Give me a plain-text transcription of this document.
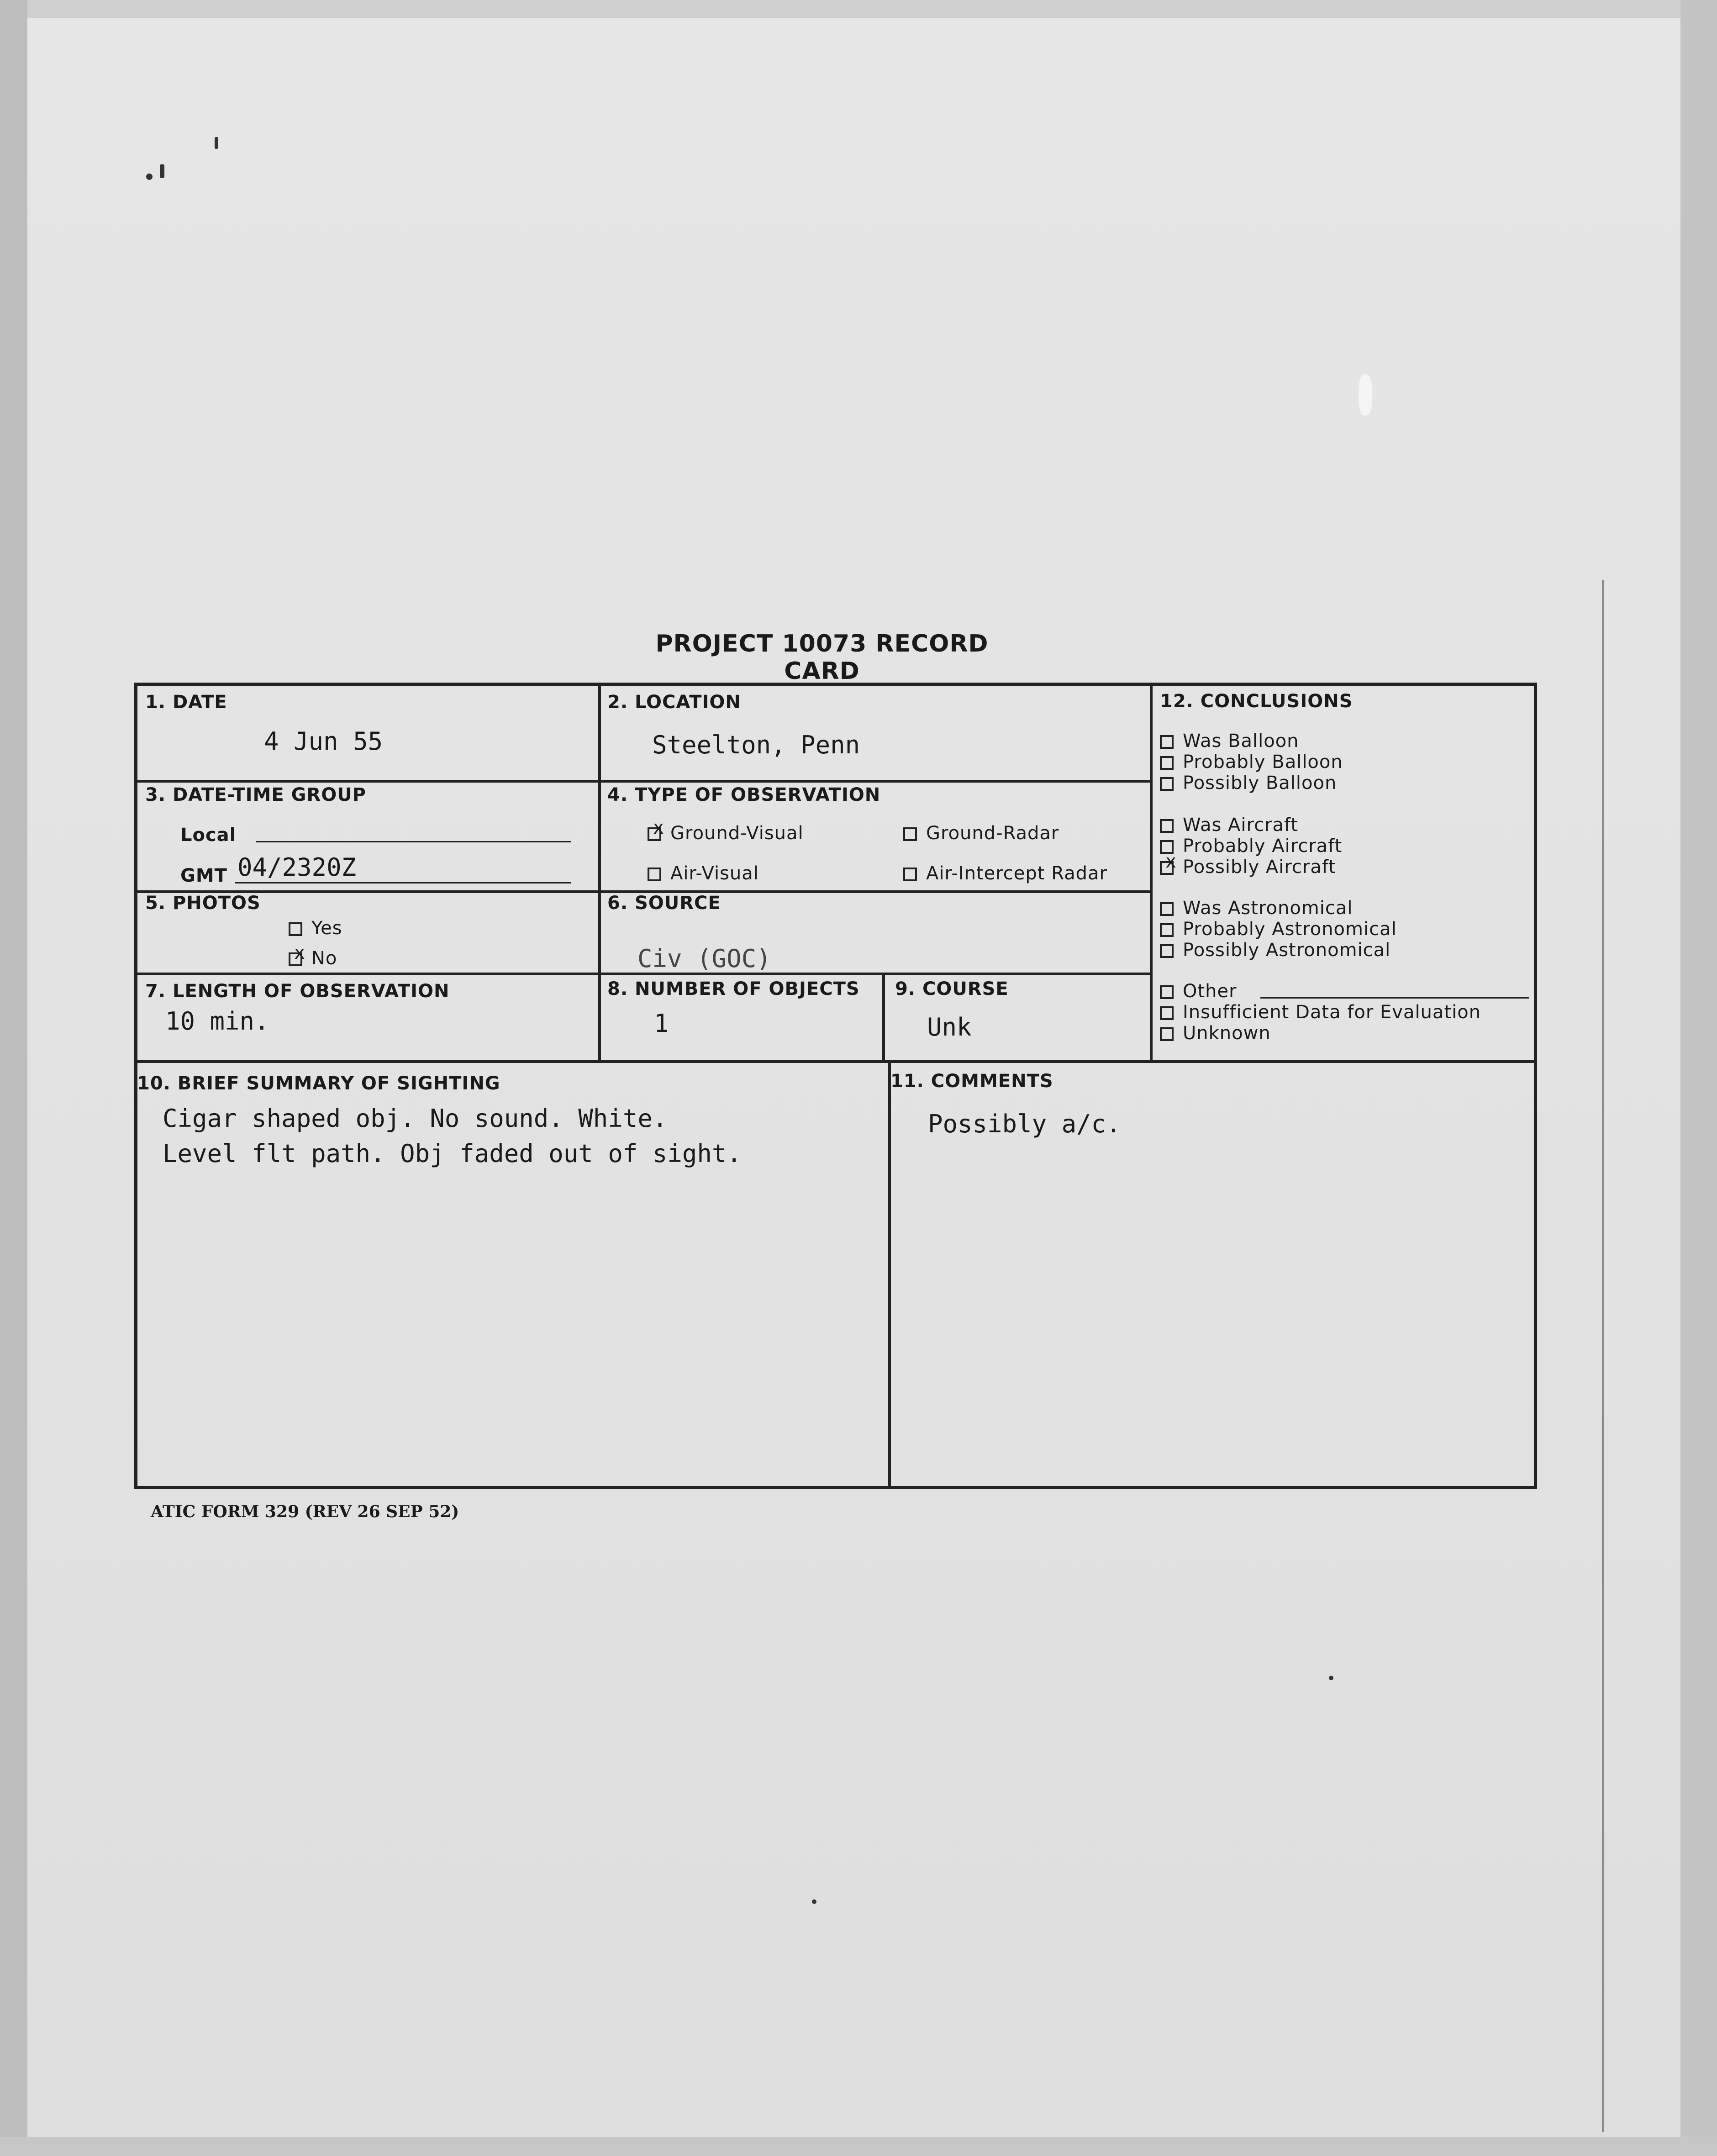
PROJECT 10073 RECORD CARD
1. DATE
4 Jun 55
2. LOCATION
Steelton, Penn
3. DATE-TIME GROUP
Local
GMT 04/2320Z
4. TYPE OF OBSERVATION
xGround-Visual	Ground-Radar
Air-Visual	Air-Intercept Radar
5. PHOTOS
Yes
xNo
6. SOURCE
Civ (GOC)
7. LENGTH OF OBSERVATION
10 min.
8. NUMBER OF OBJECTS
1
9. COURSE
Unk
10. BRIEF SUMMARY OF SIGHTING
Cigar shaped obj. No sound. White.
Level flt path. Obj faded out of sight.
11. COMMENTS
Possibly a/c.
12. CONCLUSIONS
Was Balloon
Probably Balloon
Possibly Balloon
Was Aircraft
Probably Aircraft
xPossibly Aircraft
Was Astronomical
Probably Astronomical
Possibly Astronomical
Other
Insufficient Data for Evaluation
Unknown
ATIC FORM 329 (REV 26 SEP 52)
